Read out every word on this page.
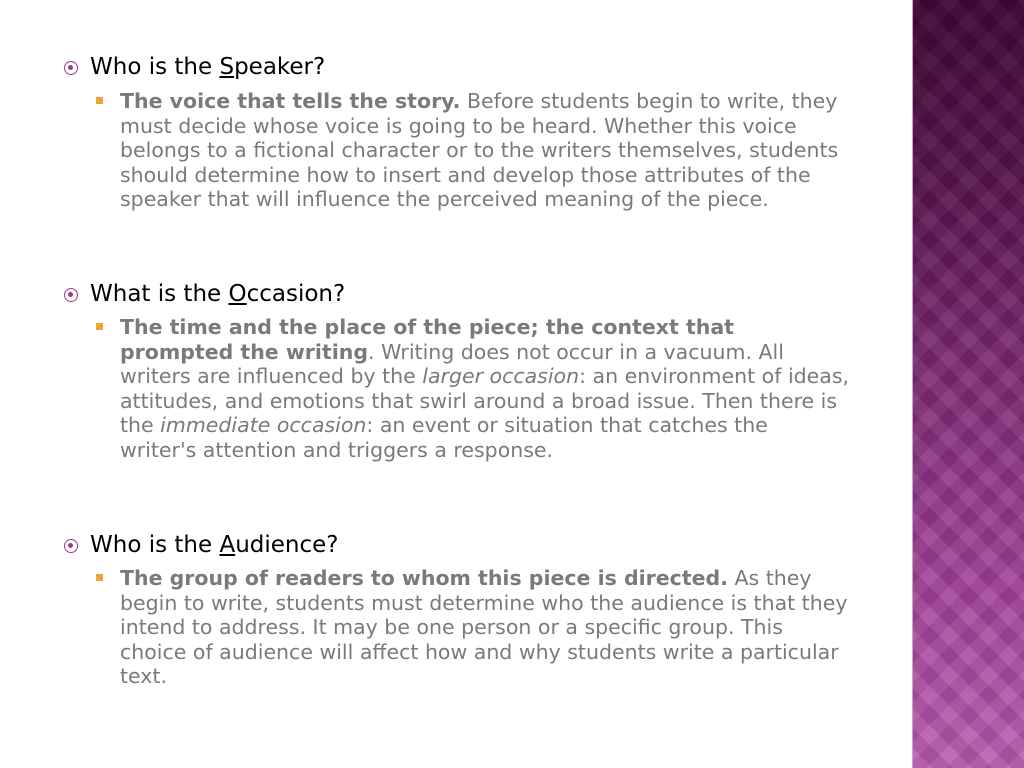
Who is the Speaker?
The voice that tells the story. Before students begin to write, they must decide whose voice is going to be heard. Whether this voice belongs to a fictional character or to the writers themselves, students should determine how to insert and develop those attributes of the speaker that will influence the perceived meaning of the piece.
What is the Occasion?
The time and the place of the piece; the context that prompted the writing. Writing does not occur in a vacuum. All writers are influenced by the larger occasion: an environment of ideas, attitudes, and emotions that swirl around a broad issue. Then there is the immediate occasion: an event or situation that catches the writer's attention and triggers a response.
Who is the Audience?
The group of readers to whom this piece is directed. As they begin to write, students must determine who the audience is that they intend to address. It may be one person or a specific group. This choice of audience will affect how and why students write a particular text.
